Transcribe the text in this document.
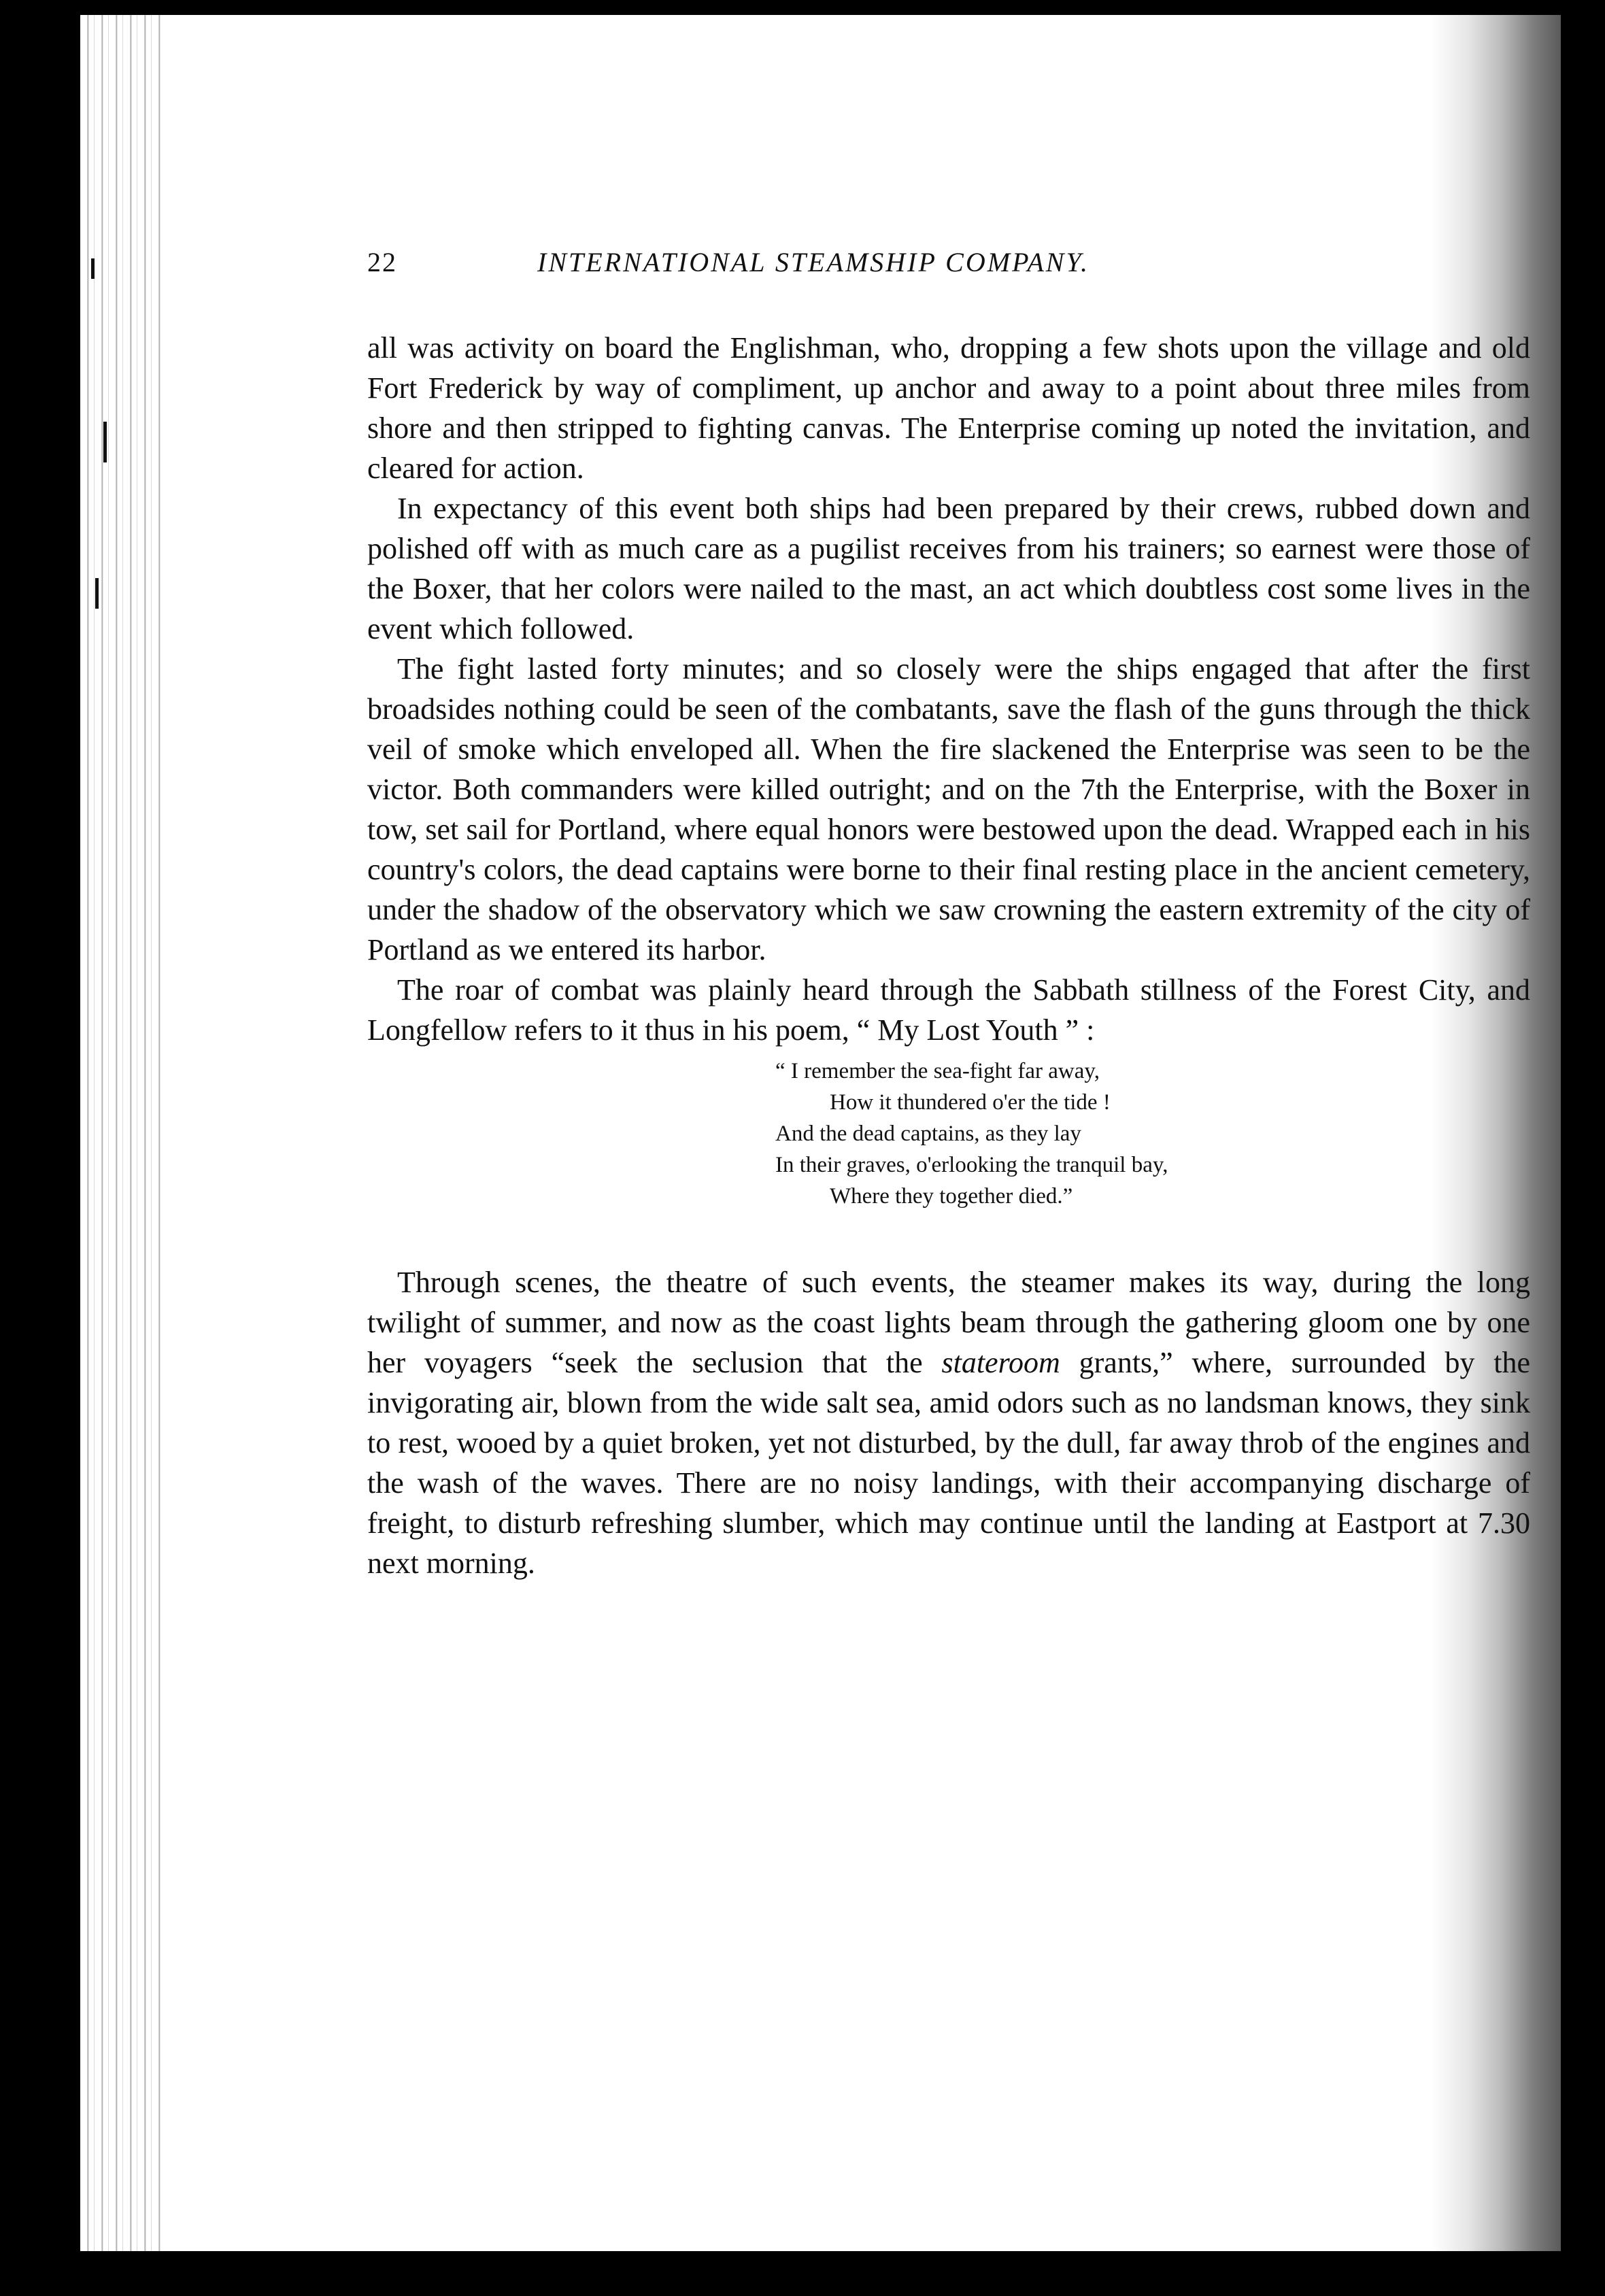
22	INTERNATIONAL STEAMSHIP COMPANY.

all was activity on board the Englishman, who, dropping a few shots upon the village and old Fort Frederick by way of compliment, up anchor and away to a point about three miles from shore and then stripped to fighting canvas. The Enterprise coming up noted the invitation, and cleared for action.

In expectancy of this event both ships had been prepared by their crews, rubbed down and polished off with as much care as a pugilist receives from his trainers; so earnest were those of the Boxer, that her colors were nailed to the mast, an act which doubtless cost some lives in the event which followed.

The fight lasted forty minutes; and so closely were the ships engaged that after the first broadsides nothing could be seen of the combatants, save the flash of the guns through the thick veil of smoke which enveloped all. When the fire slackened the Enterprise was seen to be the victor. Both commanders were killed outright; and on the 7th the Enterprise, with the Boxer in tow, set sail for Portland, where equal honors were bestowed upon the dead. Wrapped each in his country's colors, the dead captains were borne to their final resting place in the ancient cemetery, under the shadow of the observatory which we saw crowning the eastern extremity of the city of Portland as we entered its harbor.

The roar of combat was plainly heard through the Sabbath stillness of the Forest City, and Longfellow refers to it thus in his poem, “ My Lost Youth ” :

“ I remember the sea-fight far away,
How it thundered o'er the tide !
And the dead captains, as they lay
In their graves, o'erlooking the tranquil bay,
Where they together died.”

Through scenes, the theatre of such events, the steamer makes its way, during the long twilight of summer, and now as the coast lights beam through the gathering gloom one by one her voyagers “seek the seclusion that the stateroom grants,” where, surrounded by the invigorating air, blown from the wide salt sea, amid odors such as no landsman knows, they sink to rest, wooed by a quiet broken, yet not disturbed, by the dull, far away throb of the engines and the wash of the waves. There are no noisy landings, with their accompanying discharge of freight, to disturb refreshing slumber, which may continue until the landing at Eastport at 7.30 next morning.
